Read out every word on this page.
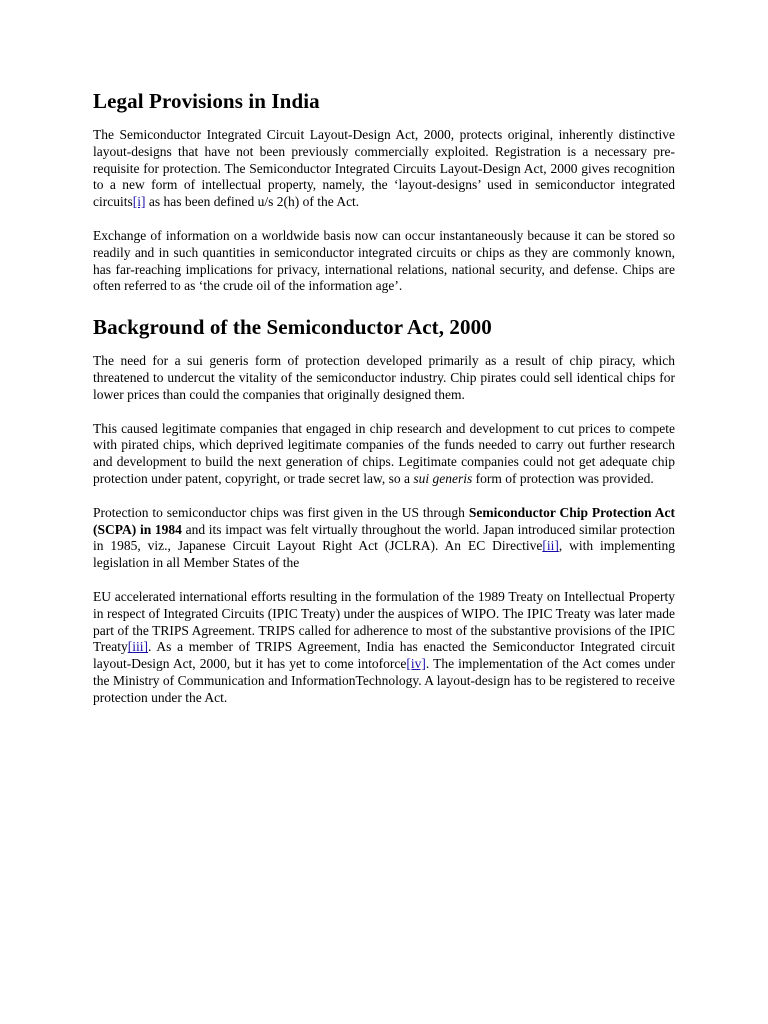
Legal Provisions in India

The Semiconductor Integrated Circuit Layout-Design Act, 2000, protects original, inherently distinctive layout-designs that have not been previously commercially exploited. Registration is a necessary pre-requisite for protection. The Semiconductor Integrated Circuits Layout-Design Act, 2000 gives recognition to a new form of intellectual property, namely, the ‘layout-designs’ used in semiconductor integrated circuits[i] as has been defined u/s 2(h) of the Act.

Exchange of information on a worldwide basis now can occur instantaneously because it can be stored so readily and in such quantities in semiconductor integrated circuits or chips as they are commonly known, has far-reaching implications for privacy, international relations, national security, and defense. Chips are often referred to as ‘the crude oil of the information age’.

Background of the Semiconductor Act, 2000

The need for a sui generis form of protection developed primarily as a result of chip piracy, which threatened to undercut the vitality of the semiconductor industry. Chip pirates could sell identical chips for lower prices than could the companies that originally designed them.

This caused legitimate companies that engaged in chip research and development to cut prices to compete with pirated chips, which deprived legitimate companies of the funds needed to carry out further research and development to build the next generation of chips. Legitimate companies could not get adequate chip protection under patent, copyright, or trade secret law, so a sui generis form of protection was provided.

Protection to semiconductor chips was first given in the US through Semiconductor Chip Protection Act (SCPA) in 1984 and its impact was felt virtually throughout the world. Japan introduced similar protection in 1985, viz., Japanese Circuit Layout Right Act (JCLRA). An EC Directive[ii], with implementing legislation in all Member States of the

EU accelerated international efforts resulting in the formulation of the 1989 Treaty on Intellectual Property in respect of Integrated Circuits (IPIC Treaty) under the auspices of WIPO. The IPIC Treaty was later made part of the TRIPS Agreement. TRIPS called for adherence to most of the substantive provisions of the IPIC Treaty[iii]. As a member of TRIPS Agreement, India has enacted the Semiconductor Integrated circuit layout-Design Act, 2000, but it has yet to come intoforce[iv]. The implementation of the Act comes under the Ministry of Communication and InformationTechnology. A layout-design has to be registered to receive protection under the Act.
